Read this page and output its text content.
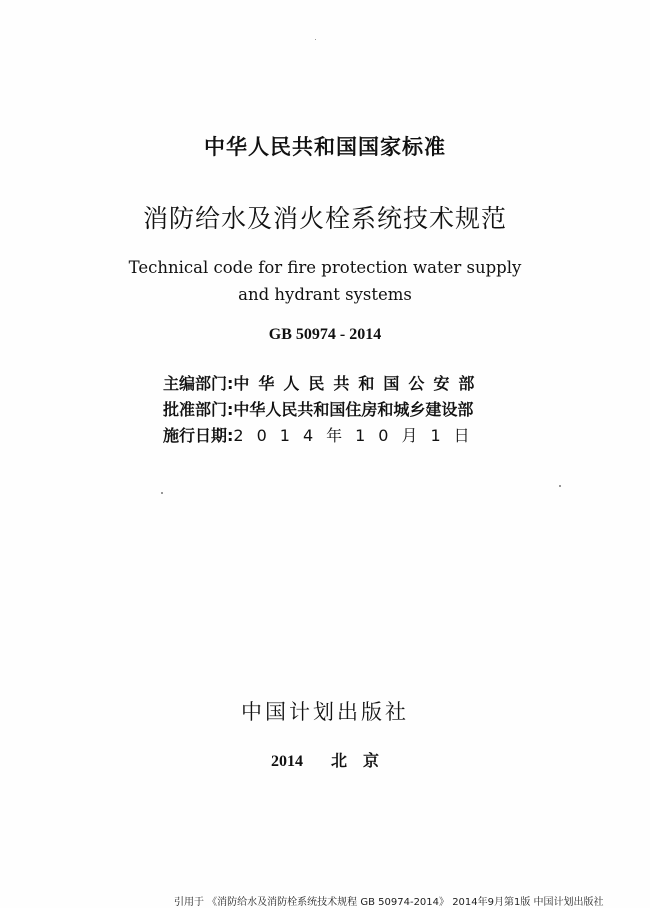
中华人民共和国国家标准
消防给水及消火栓系统技术规范
Technical code for fire protection water supply and hydrant systems
GB 50974 - 2014
主编部门:中华人民共和国公安部
批准部门:中华人民共和国住房和城乡建设部
施行日期:2014年10月1日
中国计划出版社
2014 北 京
引用于 《消防给水及消防栓系统技术规程 GB 50974-2014》 2014年9月第1版 中国计划出版社
